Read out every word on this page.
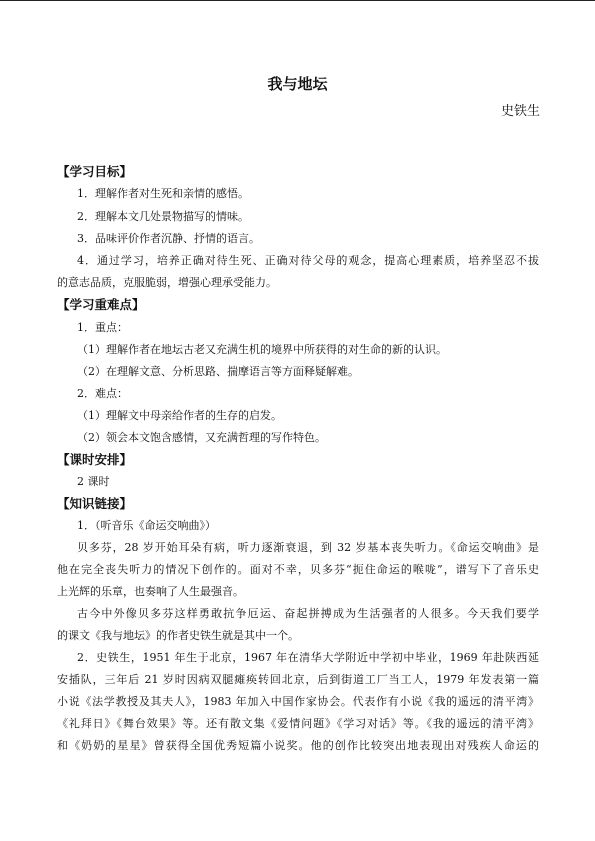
我与地坛
史铁生
【学习目标】
1．理解作者对生死和亲情的感悟。
2．理解本文几处景物描写的情味。
3．品味评价作者沉静、抒情的语言。
4．通过学习，培养正确对待生死、正确对待父母的观念，提高心理素质，培养坚忍不拔
的意志品质，克服脆弱，增强心理承受能力。
【学习重难点】
1．重点：
（1）理解作者在地坛古老又充满生机的境界中所获得的对生命的新的认识。
（2）在理解文意、分析思路、揣摩语言等方面释疑解难。
2．难点：
（1）理解文中母亲给作者的生存的启发。
（2）领会本文饱含感情，又充满哲理的写作特色。
【课时安排】
2 课时
【知识链接】
1．（听音乐《命运交响曲》）
贝多芬，28 岁开始耳朵有病，听力逐渐衰退，到 32 岁基本丧失听力。《命运交响曲》是
他在完全丧失听力的情况下创作的。面对不幸，贝多芬“扼住命运的喉咙”，谱写下了音乐史
上光辉的乐章，也奏响了人生最强音。
古今中外像贝多芬这样勇敢抗争厄运、奋起拼搏成为生活强者的人很多。今天我们要学
的课文《我与地坛》的作者史铁生就是其中一个。
2．史铁生，1951 年生于北京，1967 年在清华大学附近中学初中毕业，1969 年赴陕西延
安插队，三年后 21 岁时因病双腿瘫痪转回北京，后到街道工厂当工人，1979 年发表第一篇
小说《法学教授及其夫人》，1983 年加入中国作家协会。代表作有小说《我的遥远的清平湾》
《礼拜日》《舞台效果》等。还有散文集《爱情问题》《学习对话》等。《我的遥远的清平湾》
和《奶奶的星星》曾获得全国优秀短篇小说奖。他的创作比较突出地表现出对残疾人命运的
